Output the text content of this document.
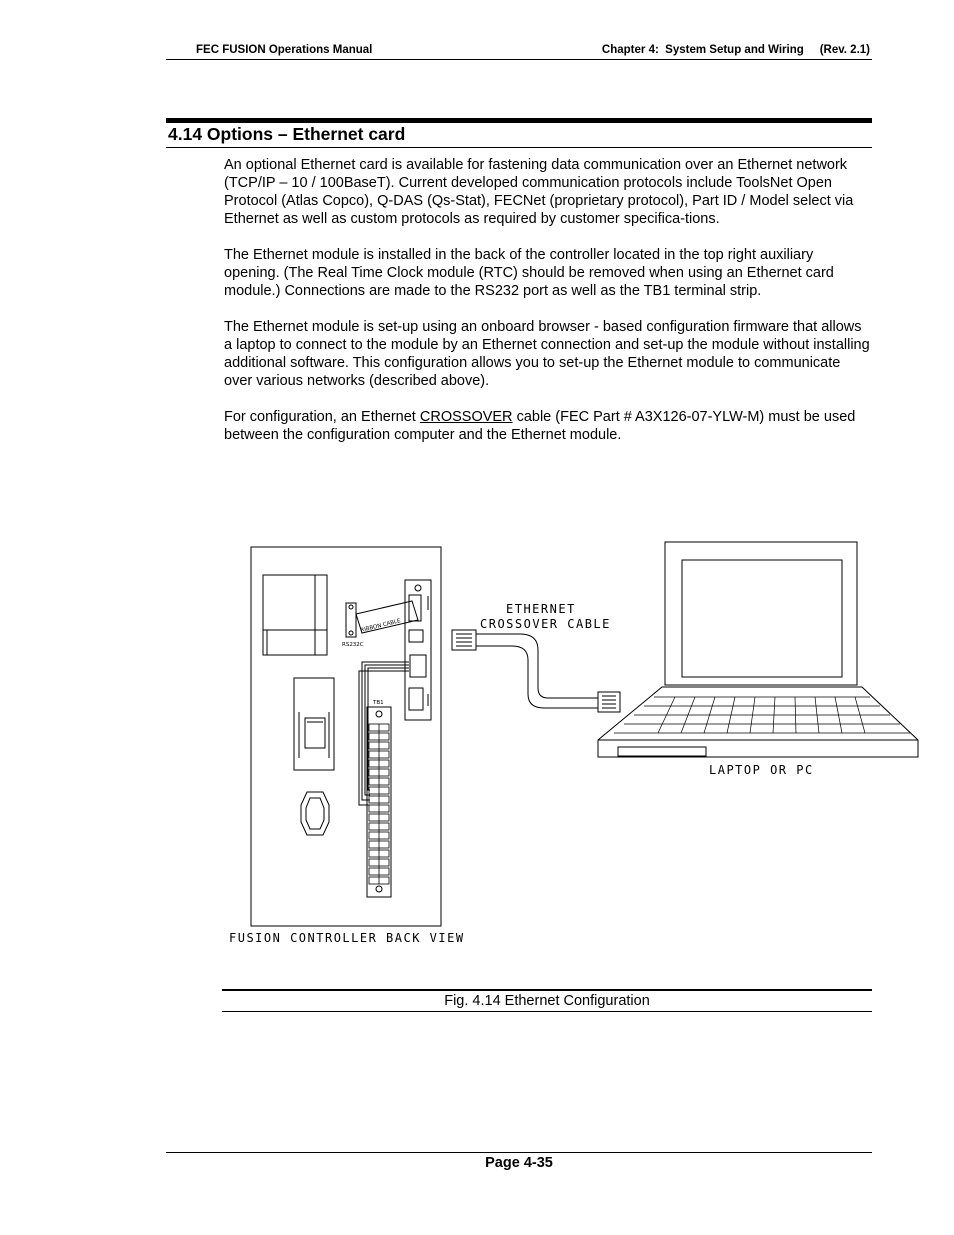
FEC FUSION Operations Manual	Chapter 4:  System Setup and Wiring     (Rev. 2.1)
4.14 Options – Ethernet card

An optional Ethernet card is available for fastening data communication over an Ethernet network (TCP/IP – 10 / 100BaseT). Current developed communication protocols include ToolsNet Open Protocol (Atlas Copco), Q-DAS (Qs-Stat), FECNet (proprietary protocol), Part ID / Model select via Ethernet as well as custom protocols as required by customer specifica-tions.

The Ethernet module is installed in the back of the controller located in the top right auxiliary opening. (The Real Time Clock module (RTC) should be removed when using an Ethernet card module.) Connections are made to the RS232 port as well as the TB1 terminal strip.

The Ethernet module is set-up using an onboard browser - based configuration firmware that allows a laptop to connect to the module by an Ethernet connection and set-up the module without installing additional software. This configuration allows you to set-up the Ethernet module to communicate over various networks (described above).

For configuration, an Ethernet CROSSOVER cable (FEC Part # A3X126-07-YLW-M) must be used between the configuration computer and the Ethernet module.

ETHERNET
CROSSOVER CABLE
LAPTOP OR PC
FUSION CONTROLLER BACK VIEW
RIBBON CABLE
RS232C
TB1
Fig. 4.14 Ethernet Configuration
Page 4-35
